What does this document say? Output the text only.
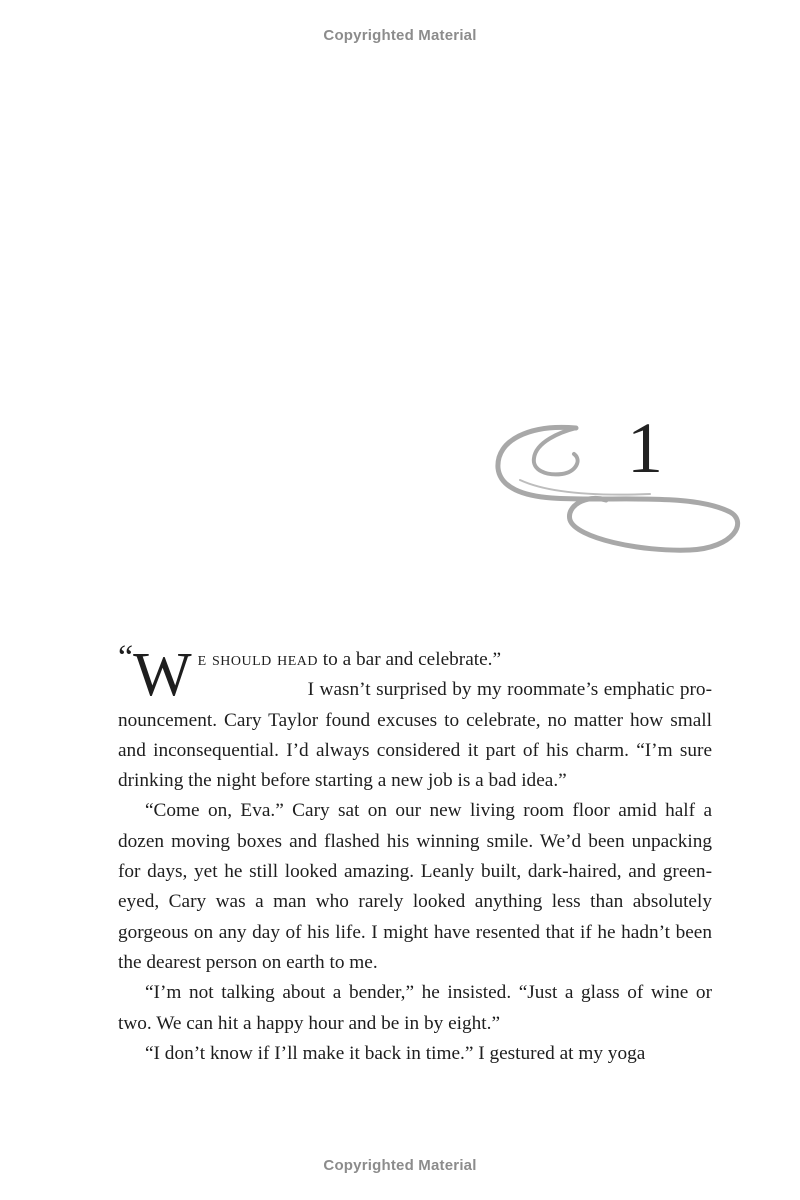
Copyrighted Material
1

“W e should head to a bar and celebrate.”

I wasn’t surprised by my roommate’s emphatic pronouncement. Cary Taylor found excuses to celebrate, no matter how small and inconsequential. I’d always considered it part of his charm. “I’m sure drinking the night before starting a new job is a bad idea.”

“Come on, Eva.” Cary sat on our new living room floor amid half a dozen moving boxes and flashed his winning smile. We’d been unpacking for days, yet he still looked amazing. Leanly built, dark-haired, and green-eyed, Cary was a man who rarely looked anything less than absolutely gorgeous on any day of his life. I might have resented that if he hadn’t been the dearest person on earth to me.

“I’m not talking about a bender,” he insisted. “Just a glass of wine or two. We can hit a happy hour and be in by eight.”

“I don’t know if I’ll make it back in time.” I gestured at my yoga

Copyrighted Material
